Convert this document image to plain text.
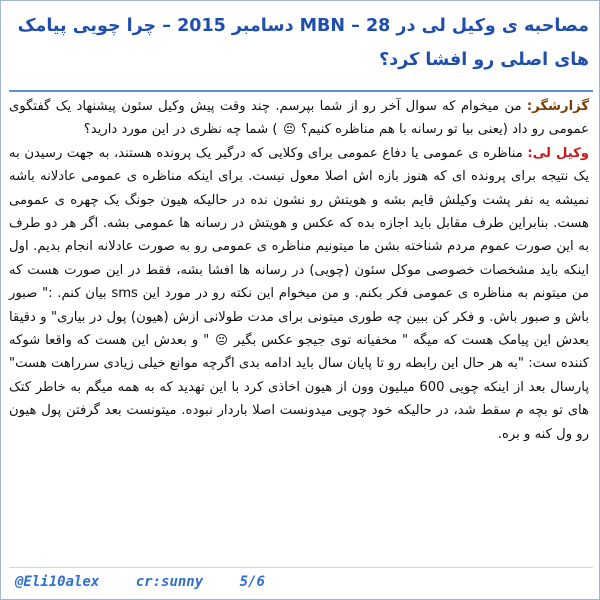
مصاحبه ی وکیل لی در MBN – 28 دسامبر 2015 – چرا چویی پیامک های اصلی رو افشا کرد؟

گزارشگر: من میخوام که سوال آخر رو از شما بپرسم. چند وقت پیش وکیل سئون پیشنهاد یک گفتگوی عمومی رو داد (یعنی بیا تو رسانه با هم مناظره کنیم؟  ) شما چه نظری در این مورد دارید؟

وکیل لی: مناظره ی عمومی یا دفاع عمومی برای وکلایی که درگیر یک پرونده هستند، به جهت رسیدن به یک نتیجه برای پرونده ای که هنوز بازه اش اصلا معول نیست. برای اینکه مناظره ی عمومی عادلانه باشه نمیشه یه نفر پشت وکیلش قایم بشه و هویتش رو نشون نده در حالیکه هیون جونگ یک چهره ی عمومی هست. بنابراین طرف مقابل باید اجازه بده که عکس و هویتش در رسانه ها عمومی بشه. اگر هر دو طرف به این صورت عموم مردم شناخته بشن ما میتونیم مناظره ی عمومی رو به صورت عادلانه انجام بدیم. اول اینکه باید مشخصات خصوصی موکل سئون (چویی) در رسانه ها افشا بشه، فقط در این صورت هست که من میتونم به مناظره ی عمومی فکر بکنم. و من میخوام این نکته رو در مورد این sms بیان کنم. :" صبور باش و صبور باش. و فکر کن ببین چه طوری میتونی برای مدت طولانی ازش (هیون) پول در بیاری" و دقیقا بعدش این پیامک هست که میگه " مخفیانه توی جیجو عکس بگیر  " و بعدش این هست که واقعا شوکه کننده ست: "به هر حال این رابطه رو تا پایان سال باید ادامه بدی اگرچه موانع خیلی زیادی سرراهت هست" پارسال بعد از اینکه چویی 600 میلیون وون از هیون اخاذی کرد با این تهدید که به همه میگم به خاطر کتک های تو بچه م سقط شد، در حالیکه خود چویی میدونست اصلا باردار نبوده. میتونست بعد گرفتن پول هیون رو ول کنه و بره.

@Eli10alex	cr:sunny	5/6
